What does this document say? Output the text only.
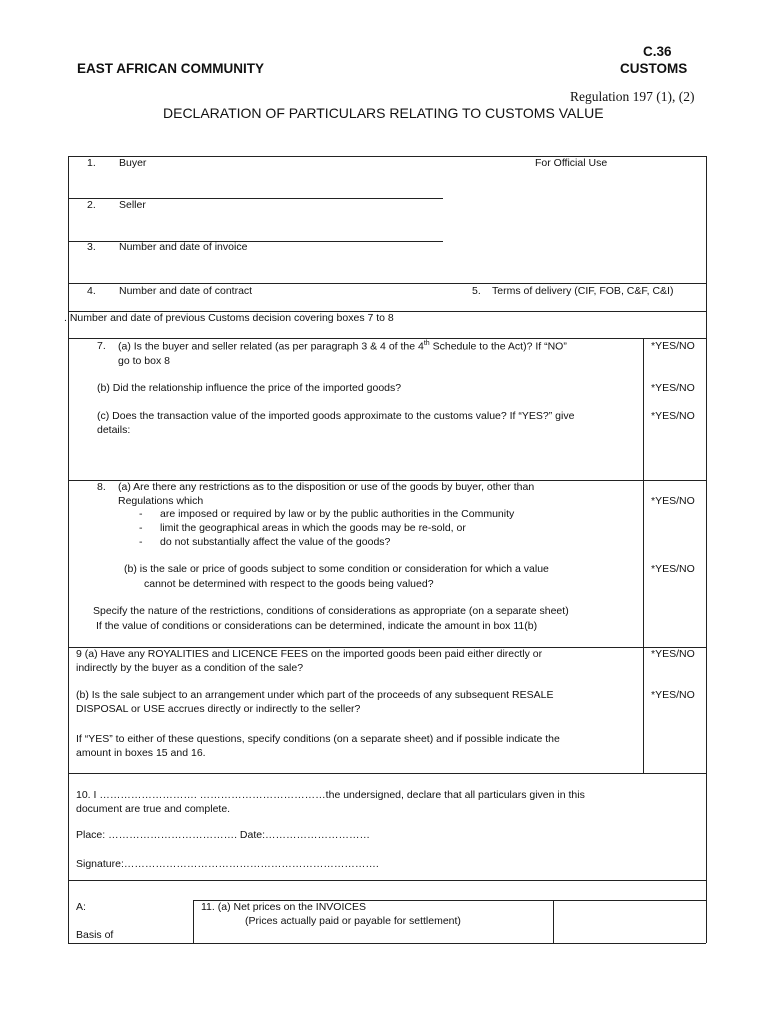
EAST AFRICAN COMMUNITY
C.36
CUSTOMS
Regulation 197 (1), (2)
DECLARATION OF PARTICULARS RELATING TO CUSTOMS VALUE
1. Buyer	For Official Use
2. Seller
3. Number and date of invoice
4. Number and date of contract	5. Terms of delivery (CIF, FOB, C&F, C&I)
. Number and date of previous Customs decision covering boxes 7 to 8
7. (a) Is the buyer and seller related (as per paragraph 3 & 4 of the 4th Schedule to the Act)? If “NO”
go to box 8
*YES/NO
(b) Did the relationship influence the price of the imported goods?	*YES/NO
(c) Does the transaction value of the imported goods approximate to the customs value? If “YES?” give
details:
*YES/NO
8. (a) Are there any restrictions as to the disposition or use of the goods by buyer, other than
Regulations which	*YES/NO
- are imposed or required by law or by the public authorities in the Community
- limit the geographical areas in which the goods may be re-sold, or
- do not substantially affect the value of the goods?
(b) is the sale or price of goods subject to some condition or consideration for which a value
cannot be determined with respect to the goods being valued?
*YES/NO
Specify the nature of the restrictions, conditions of considerations as appropriate (on a separate sheet)
If the value of conditions or considerations can be determined, indicate the amount in box 11(b)
9 (a) Have any ROYALITIES and LICENCE FEES on the imported goods been paid either directly or
indirectly by the buyer as a condition of the sale?
*YES/NO
(b) Is the sale subject to an arrangement under which part of the proceeds of any subsequent RESALE
DISPOSAL or USE accrues directly or indirectly to the seller?
*YES/NO
If “YES” to either of these questions, specify conditions (on a separate sheet) and if possible indicate the
amount in boxes 15 and 16.
10. I ………………………. ………………………………the undersigned, declare that all particulars given in this
document are true and complete.
Place: ………………………………. Date:…………………………
Signature:……………………………………………………………….
A:
Basis of
11. (a) Net prices on the INVOICES
(Prices actually paid or payable for settlement)
